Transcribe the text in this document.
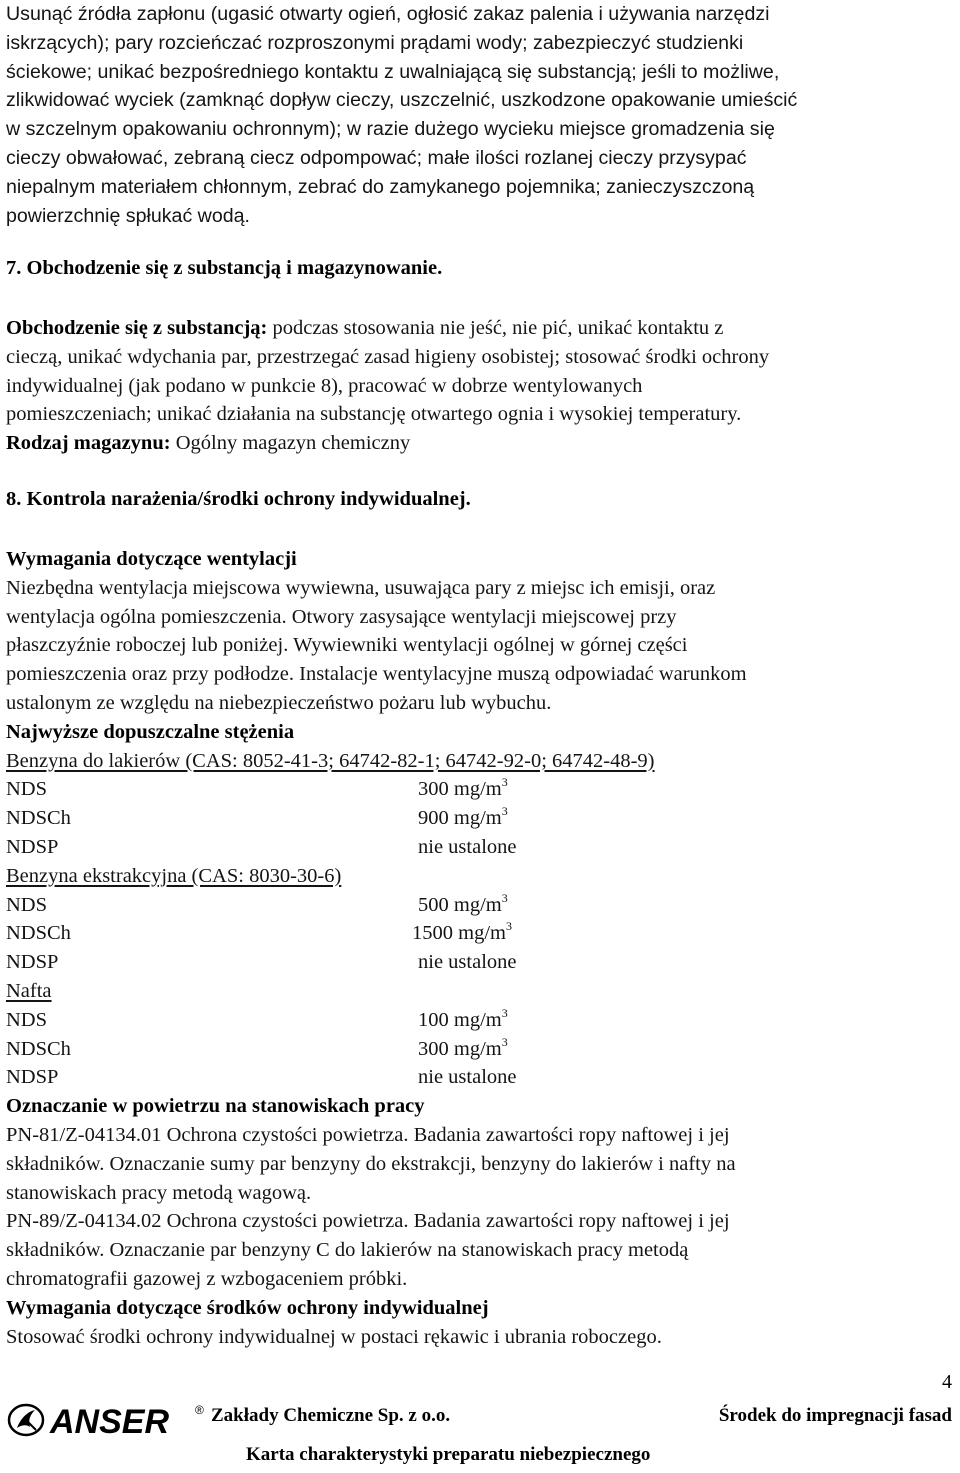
Usunąć źródła zapłonu (ugasić otwarty ogień, ogłosić zakaz palenia i używania narzędzi
iskrzących); pary rozcieńczać rozproszonymi prądami wody; zabezpieczyć studzienki
ściekowe; unikać bezpośredniego kontaktu z uwalniającą się substancją; jeśli to możliwe,
zlikwidować wyciek (zamknąć dopływ cieczy, uszczelnić, uszkodzone opakowanie umieścić
w szczelnym opakowaniu ochronnym); w razie dużego wycieku miejsce gromadzenia się
cieczy obwałować, zebraną ciecz odpompować; małe ilości rozlanej cieczy przysypać
niepalnym materiałem chłonnym, zebrać do zamykanego pojemnika; zanieczyszczoną
powierzchnię spłukać wodą.
7. Obchodzenie się z substancją i magazynowanie.
Obchodzenie się z substancją: podczas stosowania nie jeść, nie pić, unikać kontaktu z
cieczą, unikać wdychania par, przestrzegać zasad higieny osobistej; stosować środki ochrony
indywidualnej (jak podano w punkcie 8), pracować w dobrze wentylowanych
pomieszczeniach; unikać działania na substancję otwartego ognia i wysokiej temperatury.
Rodzaj magazynu: Ogólny magazyn chemiczny
8. Kontrola narażenia/środki ochrony indywidualnej.
Wymagania dotyczące wentylacji
Niezbędna wentylacja miejscowa wywiewna, usuwająca pary z miejsc ich emisji, oraz
wentylacja ogólna pomieszczenia. Otwory zasysające wentylacji miejscowej przy
płaszczyźnie roboczej lub poniżej. Wywiewniki wentylacji ogólnej w górnej części
pomieszczenia oraz przy podłodze. Instalacje wentylacyjne muszą odpowiadać warunkom
ustalonym ze względu na niebezpieczeństwo pożaru lub wybuchu.
Najwyższe dopuszczalne stężenia
Benzyna do lakierów (CAS: 8052-41-3; 64742-82-1; 64742-92-0; 64742-48-9)
NDS	300 $mg/m^3$
NDSCh	900 $mg/m^3$
NDSP	nie ustalone
Benzyna ekstrakcyjna (CAS: 8030-30-6)
NDS	500 $mg/m^3$
NDSCh	1500 $mg/m^3$
NDSP	nie ustalone
Nafta
NDS	100 $mg/m^3$
NDSCh	300 $mg/m^3$
NDSP	nie ustalone
Oznaczanie w powietrzu na stanowiskach pracy
PN-81/Z-04134.01 Ochrona czystości powietrza. Badania zawartości ropy naftowej i jej
składników. Oznaczanie sumy par benzyny do ekstrakcji, benzyny do lakierów i nafty na
stanowiskach pracy metodą wagową.
PN-89/Z-04134.02 Ochrona czystości powietrza. Badania zawartości ropy naftowej i jej
składników. Oznaczanie par benzyny C do lakierów na stanowiskach pracy metodą
chromatografii gazowej z wzbogaceniem próbki.
Wymagania dotyczące środków ochrony indywidualnej
Stosować środki ochrony indywidualnej w postaci rękawic i ubrania roboczego.
4
ANSER ® Zakłady Chemiczne Sp. z o.o.	Środek do impregnacji fasad
Karta charakterystyki preparatu niebezpiecznego
